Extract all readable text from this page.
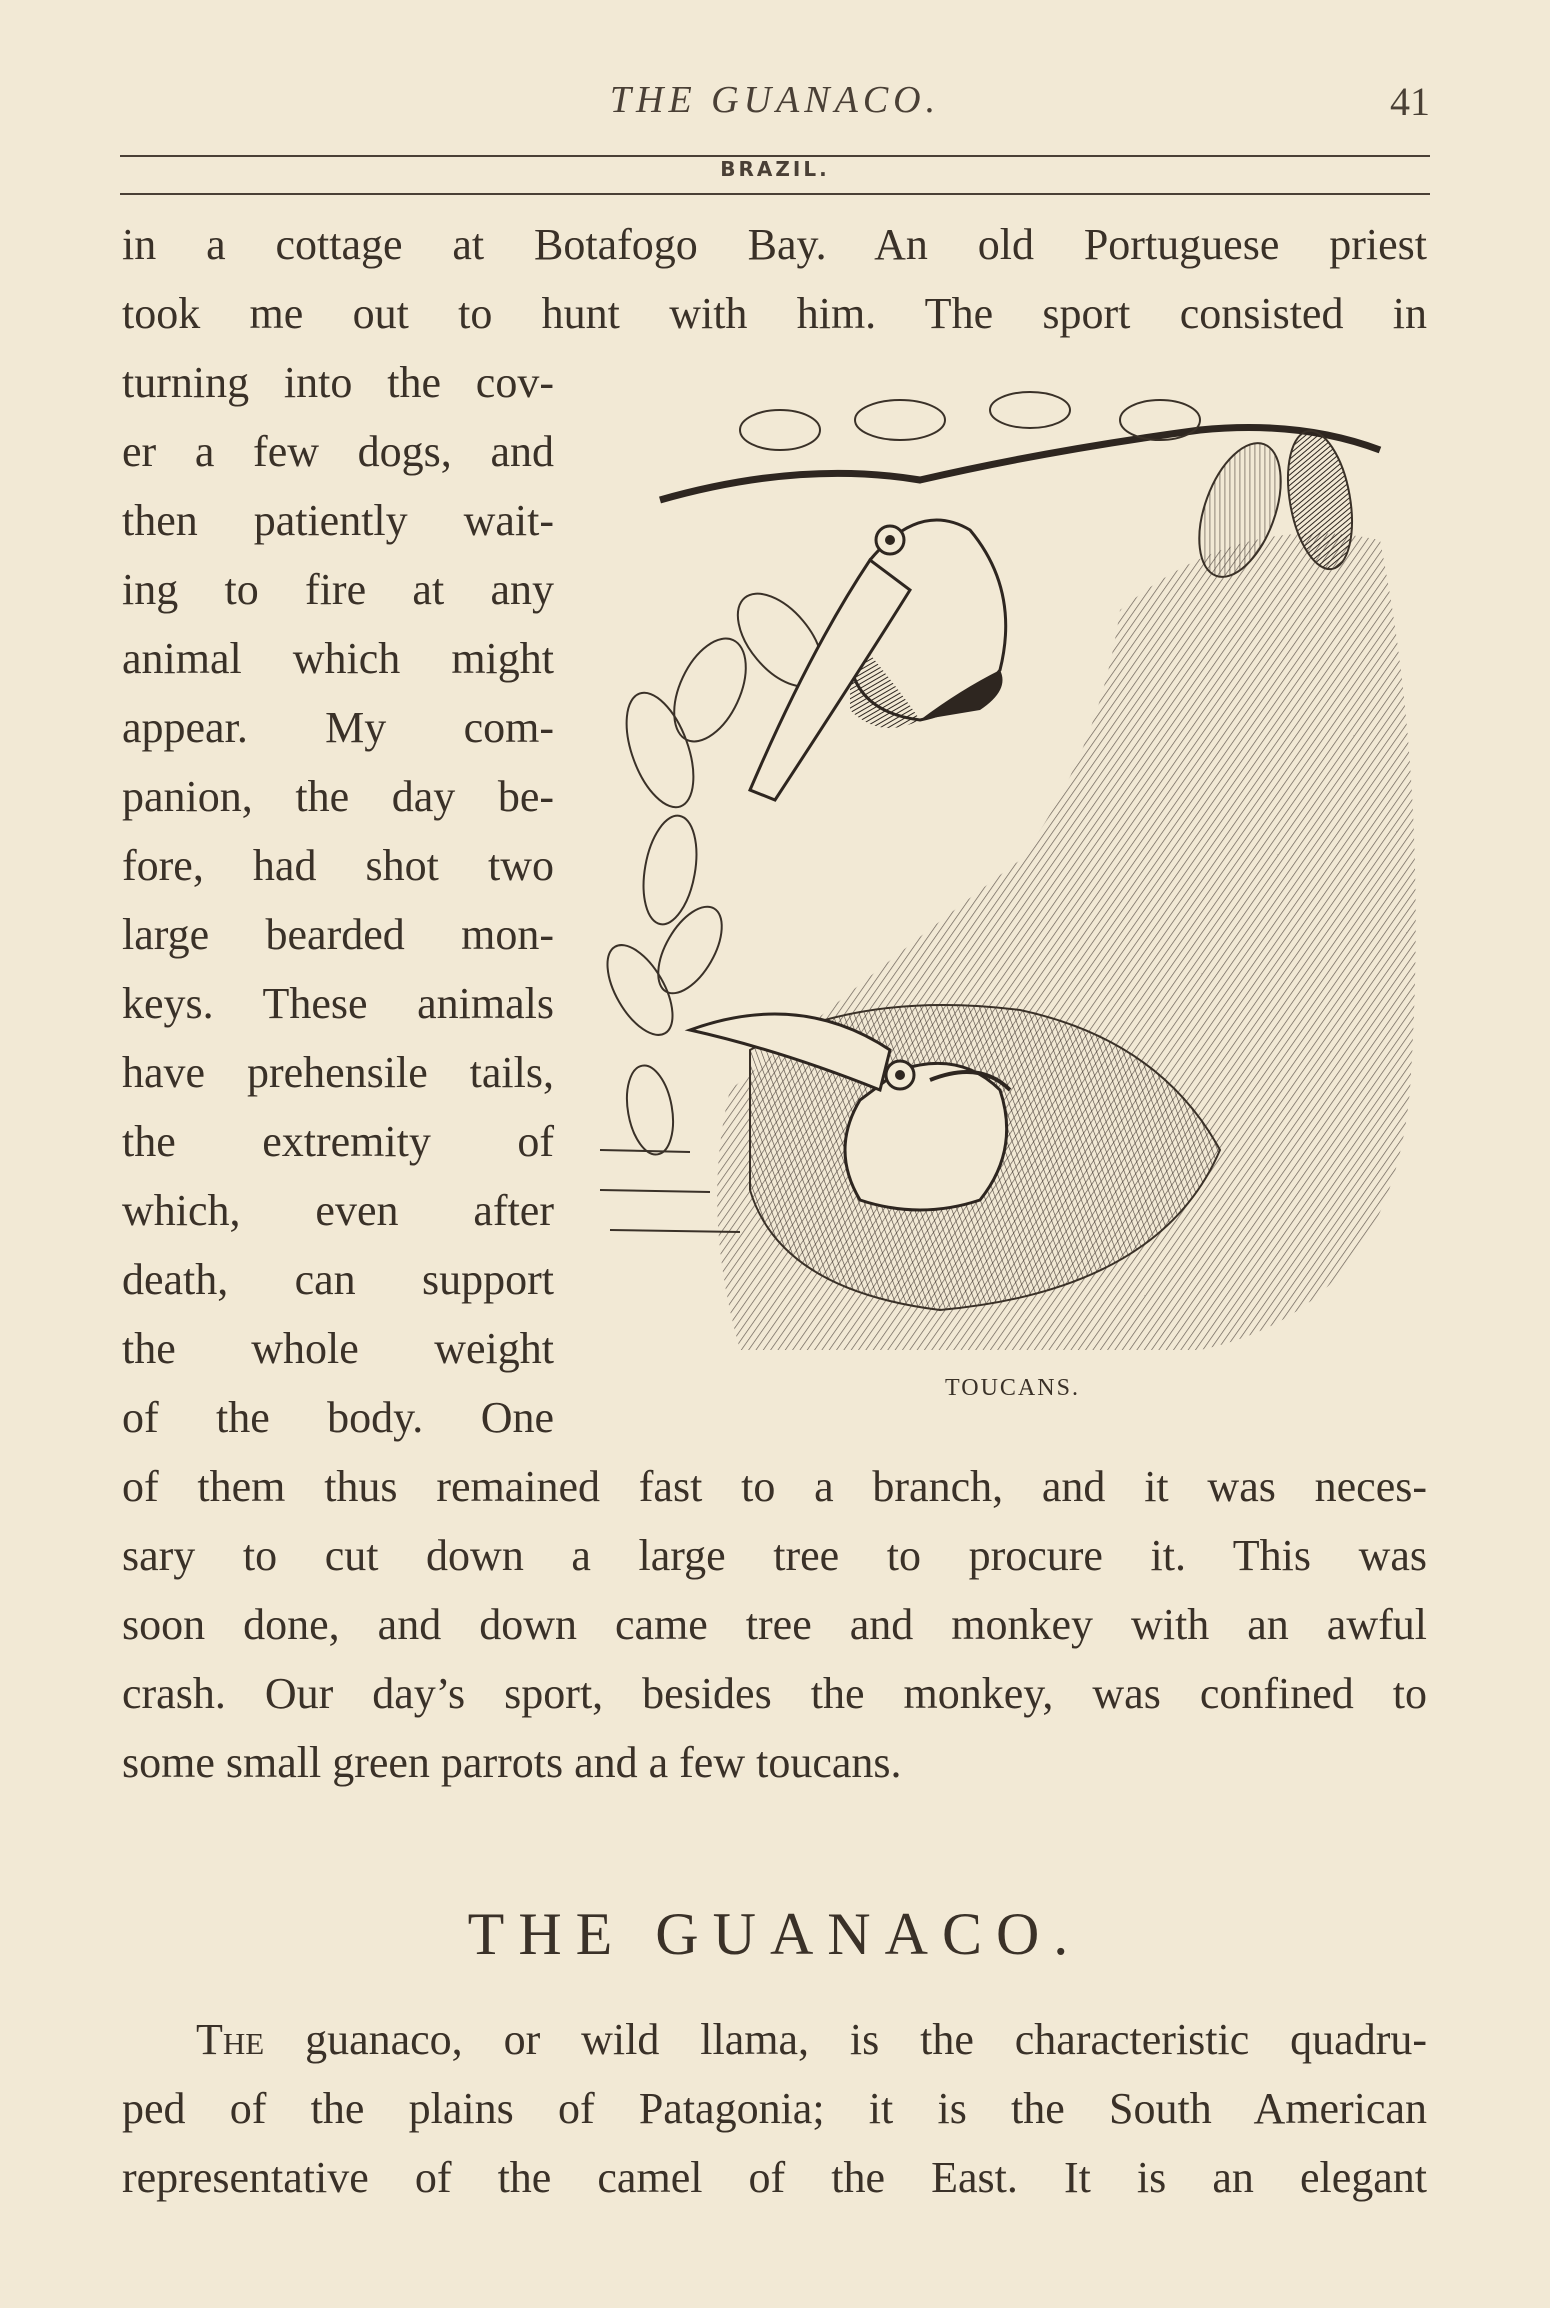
THE GUANACO.	41
BRAZIL.
in a cottage at Botafogo Bay. An old Portuguese priest
took me out to hunt with him. The sport consisted in
turning into the cov-
er a few dogs, and
then patiently wait-
ing to fire at any
animal which might
appear. My com-
panion, the day be-
fore, had shot two
large bearded mon-
keys. These animals
have prehensile tails,
the extremity of
which, even after
death, can support
the whole weight
of the body. One
of them thus remained fast to a branch, and it was neces-
sary to cut down a large tree to procure it. This was
soon done, and down came tree and monkey with an awful
crash. Our day’s sport, besides the monkey, was confined to
some small green parrots and a few toucans.
TOUCANS.
THE GUANACO.
The guanaco, or wild llama, is the characteristic quadru-
ped of the plains of Patagonia; it is the South American
representative of the camel of the East. It is an elegant
